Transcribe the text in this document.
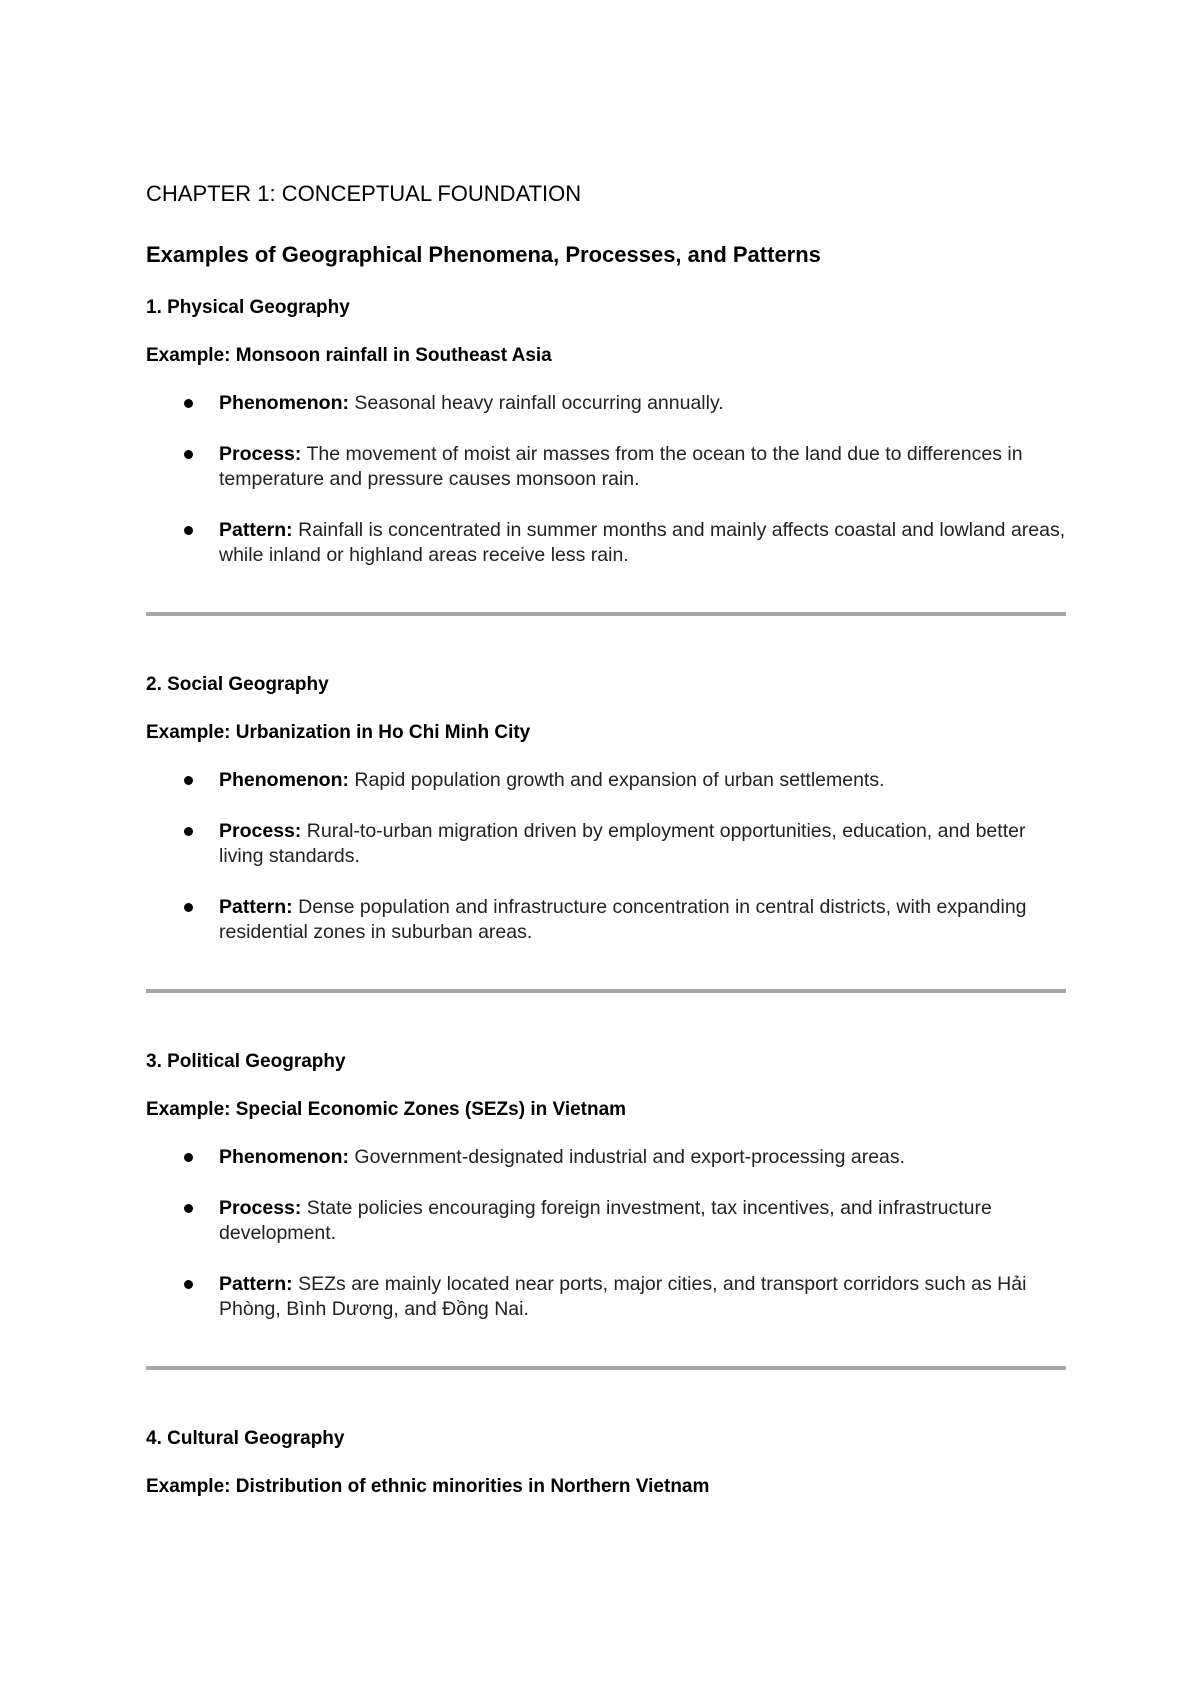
CHAPTER 1: CONCEPTUAL FOUNDATION
Examples of Geographical Phenomena, Processes, and Patterns
1. Physical Geography
Example: Monsoon rainfall in Southeast Asia
Phenomenon: Seasonal heavy rainfall occurring annually.
Process: The movement of moist air masses from the ocean to the land due to differences in temperature and pressure causes monsoon rain.
Pattern: Rainfall is concentrated in summer months and mainly affects coastal and lowland areas, while inland or highland areas receive less rain.
2. Social Geography
Example: Urbanization in Ho Chi Minh City
Phenomenon: Rapid population growth and expansion of urban settlements.
Process: Rural-to-urban migration driven by employment opportunities, education, and better living standards.
Pattern: Dense population and infrastructure concentration in central districts, with expanding residential zones in suburban areas.
3. Political Geography
Example: Special Economic Zones (SEZs) in Vietnam
Phenomenon: Government-designated industrial and export-processing areas.
Process: State policies encouraging foreign investment, tax incentives, and infrastructure development.
Pattern: SEZs are mainly located near ports, major cities, and transport corridors such as Hải Phòng, Bình Dương, and Đồng Nai.
4. Cultural Geography
Example: Distribution of ethnic minorities in Northern Vietnam
